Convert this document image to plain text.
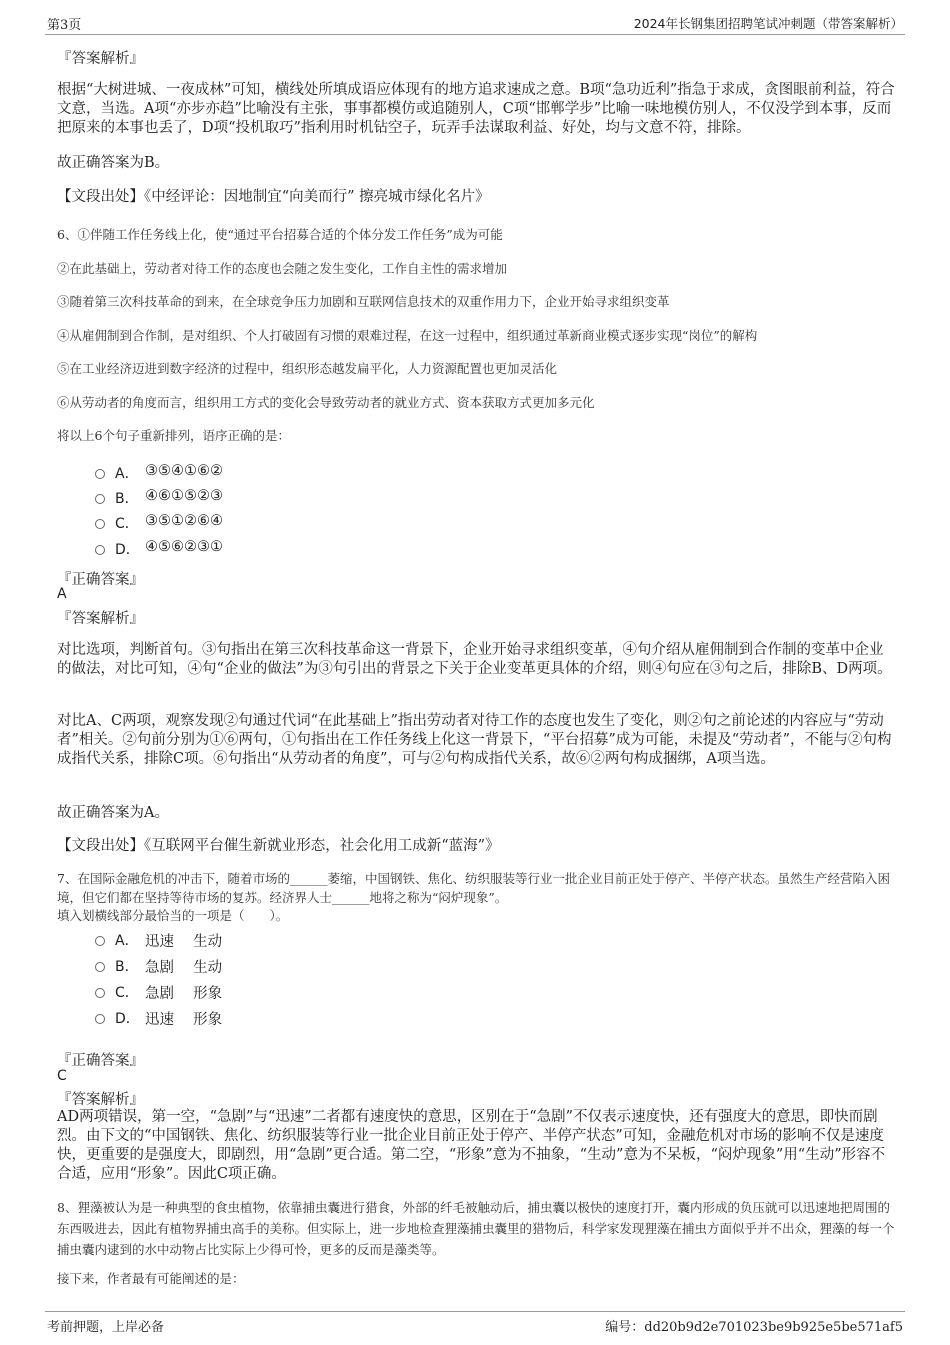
第3页	2024年长钢集团招聘笔试冲刺题（带答案解析）
『答案解析』
根据“大树进城、一夜成林”可知，横线处所填成语应体现有的地方追求速成之意。B项“急功近利”指急于求成，贪图眼前利益，符合文意，当选。A项“亦步亦趋”比喻没有主张，事事都模仿或追随别人，C项“邯郸学步”比喻一味地模仿别人，不仅没学到本事，反而把原来的本事也丢了，D项“投机取巧”指利用时机钻空子，玩弄手法谋取利益、好处，均与文意不符，排除。
故正确答案为B。
【文段出处】《中经评论：因地制宜“向美而行” 擦亮城市绿化名片》
6、①伴随工作任务线上化，使“通过平台招募合适的个体分发工作任务”成为可能
②在此基础上，劳动者对待工作的态度也会随之发生变化，工作自主性的需求增加
③随着第三次科技革命的到来，在全球竞争压力加剧和互联网信息技术的双重作用力下，企业开始寻求组织变革
④从雇佣制到合作制，是对组织、个人打破固有习惯的艰难过程，在这一过程中，组织通过革新商业模式逐步实现“岗位”的解构
⑤在工业经济迈进到数字经济的过程中，组织形态越发扁平化，人力资源配置也更加灵活化
⑥从劳动者的角度而言，组织用工方式的变化会导致劳动者的就业方式、资本获取方式更加多元化
将以上6个句子重新排列，语序正确的是：
A． ③⑤④①⑥②
B． ④⑥①⑤②③
C． ③⑤①②⑥④
D． ④⑤⑥②③①
『正确答案』
A
『答案解析』
对比选项，判断首句。③句指出在第三次科技革命这一背景下，企业开始寻求组织变革，④句介绍从雇佣制到合作制的变革中企业的做法，对比可知，④句“企业的做法”为③句引出的背景之下关于企业变革更具体的介绍，则④句应在③句之后，排除B、D两项。
对比A、C两项，观察发现②句通过代词“在此基础上”指出劳动者对待工作的态度也发生了变化，则②句之前论述的内容应与“劳动者”相关。②句前分别为①⑥两句，①句指出在工作任务线上化这一背景下，“平台招募”成为可能，未提及“劳动者”，不能与②句构成指代关系，排除C项。⑥句指出“从劳动者的角度”，可与②句构成指代关系，故⑥②两句构成捆绑，A项当选。
故正确答案为A。
【文段出处】《互联网平台催生新就业形态，社会化用工成新“蓝海”》
7、在国际金融危机的冲击下，随着市场的______萎缩，中国钢铁、焦化、纺织服装等行业一批企业目前正处于停产、半停产状态。虽然生产经营陷入困境，但它们都在坚持等待市场的复苏。经济界人士______地将之称为“闷炉现象”。
填入划横线部分最恰当的一项是（　　）。
A． 迅速　 生动
B． 急剧　 生动
C． 急剧　 形象
D． 迅速　 形象
『正确答案』
C
『答案解析』
AD两项错误，第一空，“急剧”与“迅速”二者都有速度快的意思，区别在于“急剧”不仅表示速度快，还有强度大的意思，即快而剧烈。由下文的“中国钢铁、焦化、纺织服装等行业一批企业目前正处于停产、半停产状态”可知，金融危机对市场的影响不仅是速度快，更重要的是强度大，即剧烈，用“急剧”更合适。第二空，“形象”意为不抽象，“生动”意为不呆板，“闷炉现象”用“生动”形容不合适，应用“形象”。因此C项正确。
8、狸藻被认为是一种典型的食虫植物，依靠捕虫囊进行猎食，外部的纤毛被触动后，捕虫囊以极快的速度打开，囊内形成的负压就可以迅速地把周围的东西吸进去，因此有植物界捕虫高手的美称。但实际上，进一步地检查狸藻捕虫囊里的猎物后，科学家发现狸藻在捕虫方面似乎并不出众，狸藻的每一个捕虫囊内逮到的水中动物占比实际上少得可怜，更多的反而是藻类等。
接下来，作者最有可能阐述的是：
考前押题，上岸必备	编号：dd20b9d2e701023be9b925e5be571af5
